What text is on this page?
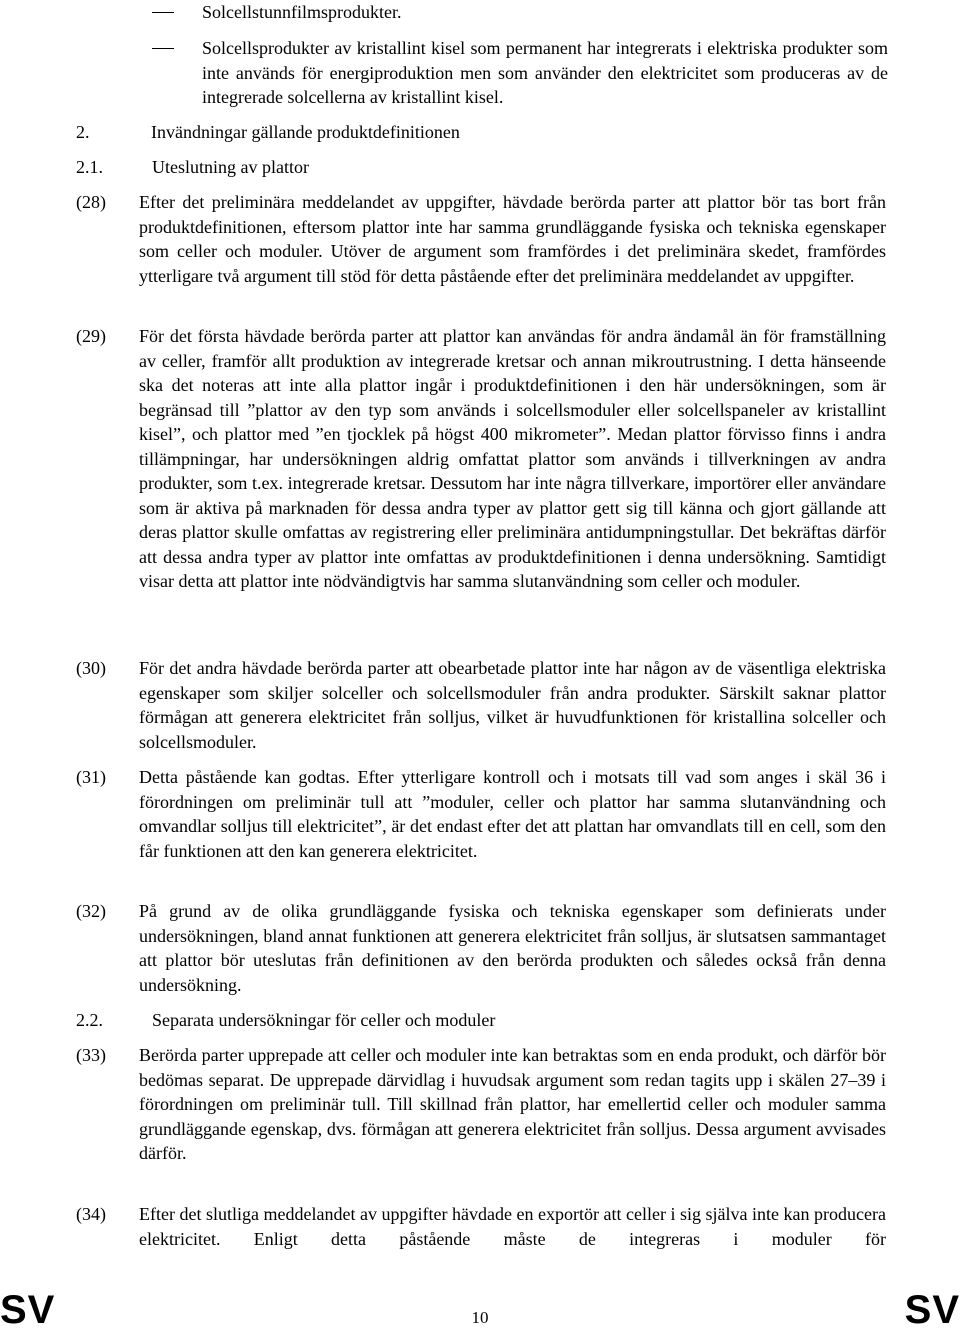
Solcellstunnfilmsprodukter.
Solcellsprodukter av kristallint kisel som permanent har integrerats i elektriska produkter som inte används för energiproduktion men som använder den elektricitet som produceras av de integrerade solcellerna av kristallint kisel.
2.	Invändningar gällande produktdefinitionen
2.1.	Uteslutning av plattor
(28) Efter det preliminära meddelandet av uppgifter, hävdade berörda parter att plattor bör tas bort från produktdefinitionen, eftersom plattor inte har samma grundläggande fysiska och tekniska egenskaper som celler och moduler. Utöver de argument som framfördes i det preliminära skedet, framfördes ytterligare två argument till stöd för detta påstående efter det preliminära meddelandet av uppgifter.
(29) För det första hävdade berörda parter att plattor kan användas för andra ändamål än för framställning av celler, framför allt produktion av integrerade kretsar och annan mikroutrustning. I detta hänseende ska det noteras att inte alla plattor ingår i produktdefinitionen i den här undersökningen, som är begränsad till ”plattor av den typ som används i solcellsmoduler eller solcellspaneler av kristallint kisel”, och plattor med ”en tjocklek på högst 400 mikrometer”. Medan plattor förvisso finns i andra tillämpningar, har undersökningen aldrig omfattat plattor som används i tillverkningen av andra produkter, som t.ex. integrerade kretsar. Dessutom har inte några tillverkare, importörer eller användare som är aktiva på marknaden för dessa andra typer av plattor gett sig till känna och gjort gällande att deras plattor skulle omfattas av registrering eller preliminära antidumpningstullar. Det bekräftas därför att dessa andra typer av plattor inte omfattas av produktdefinitionen i denna undersökning. Samtidigt visar detta att plattor inte nödvändigtvis har samma slutanvändning som celler och moduler.
(30) För det andra hävdade berörda parter att obearbetade plattor inte har någon av de väsentliga elektriska egenskaper som skiljer solceller och solcellsmoduler från andra produkter. Särskilt saknar plattor förmågan att generera elektricitet från solljus, vilket är huvudfunktionen för kristallina solceller och solcellsmoduler.
(31) Detta påstående kan godtas. Efter ytterligare kontroll och i motsats till vad som anges i skäl 36 i förordningen om preliminär tull att ”moduler, celler och plattor har samma slutanvändning och omvandlar solljus till elektricitet”, är det endast efter det att plattan har omvandlats till en cell, som den får funktionen att den kan generera elektricitet.
(32) På grund av de olika grundläggande fysiska och tekniska egenskaper som definierats under undersökningen, bland annat funktionen att generera elektricitet från solljus, är slutsatsen sammantaget att plattor bör uteslutas från definitionen av den berörda produkten och således också från denna undersökning.
2.2.	Separata undersökningar för celler och moduler
(33) Berörda parter upprepade att celler och moduler inte kan betraktas som en enda produkt, och därför bör bedömas separat. De upprepade därvidlag i huvudsak argument som redan tagits upp i skälen 27–39 i förordningen om preliminär tull. Till skillnad från plattor, har emellertid celler och moduler samma grundläggande egenskap, dvs. förmågan att generera elektricitet från solljus. Dessa argument avvisades därför.
(34) Efter det slutliga meddelandet av uppgifter hävdade en exportör att celler i sig själva inte kan producera elektricitet. Enligt detta påstående måste de integreras i moduler för
SV	10	SV
